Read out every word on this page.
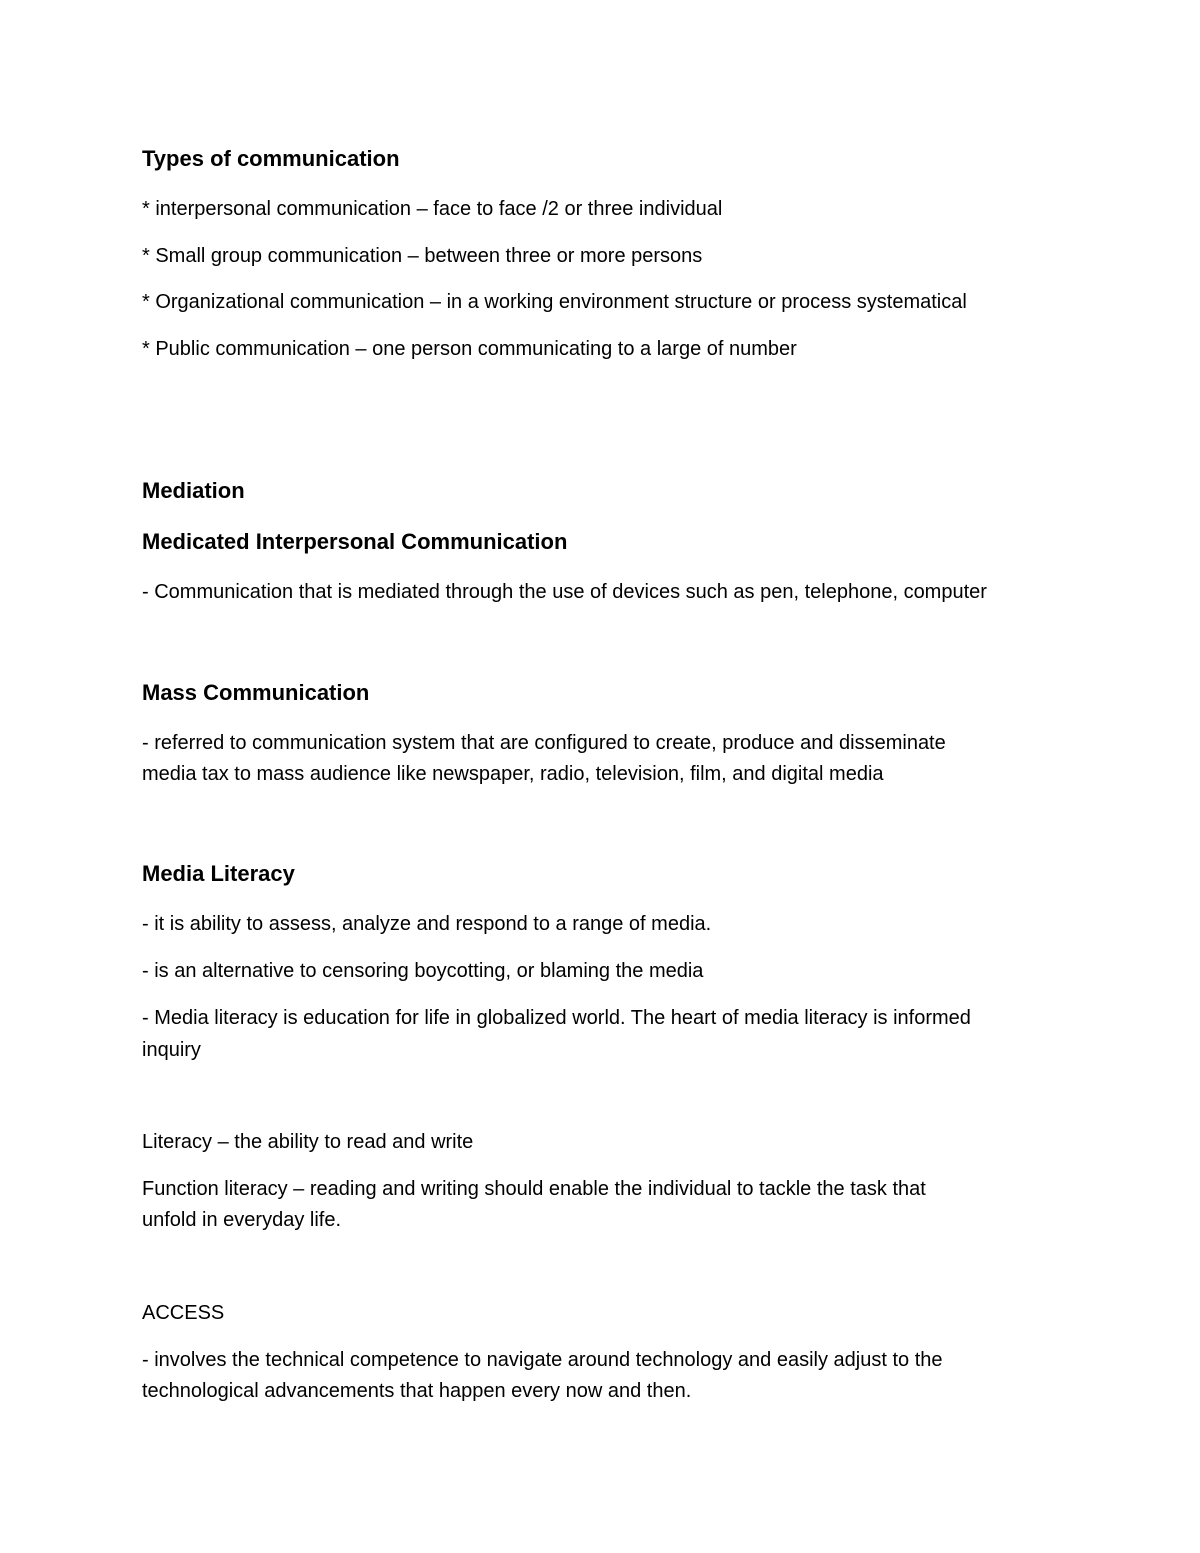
Types of communication
* interpersonal communication – face to face /2 or three individual
* Small group communication – between three or more persons
* Organizational communication – in a working environment structure or process systematical
* Public communication – one person communicating to a large of number
Mediation
Medicated Interpersonal Communication
- Communication that is mediated through the use of devices such as pen, telephone, computer
Mass Communication
- referred to communication system that are configured to create, produce and disseminate
media tax to mass audience like newspaper, radio, television, film, and digital media
Media Literacy
- it is ability to assess, analyze and respond to a range of media.
- is an alternative to censoring boycotting, or blaming the media
- Media literacy is education for life in globalized world. The heart of media literacy is informed
inquiry
Literacy – the ability to read and write
Function literacy – reading and writing should enable the individual to tackle the task that
unfold in everyday life.
ACCESS
- involves the technical competence to navigate around technology and easily adjust to the
technological advancements that happen every now and then.
